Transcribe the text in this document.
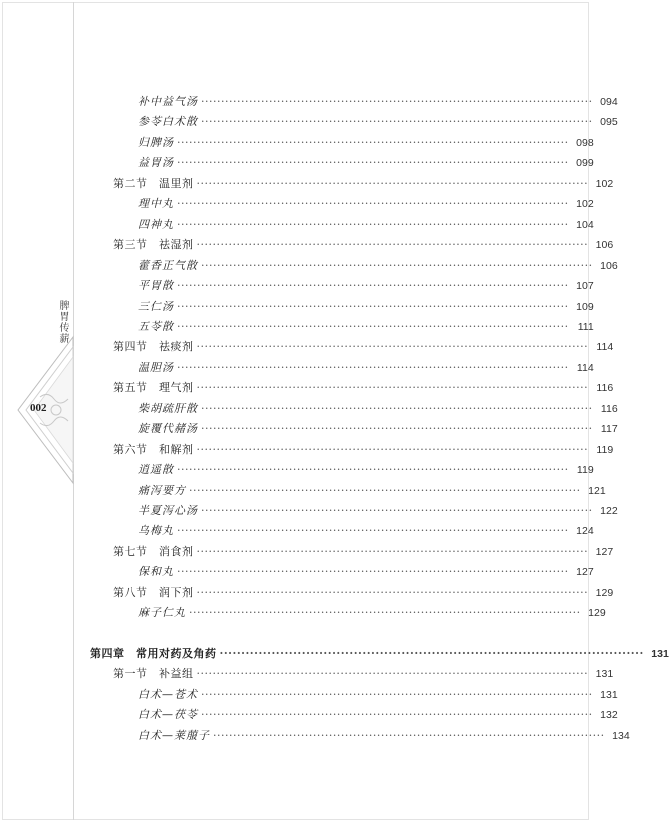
脾胃传薪
002
补中益气汤 ·································································································· 094
参苓白术散 ·································································································· 095
归脾汤 ·································································································· 098
益胃汤 ·································································································· 099
第二节　温里剂 ·································································································· 102
理中丸 ·································································································· 102
四神丸 ·································································································· 104
第三节　祛湿剂 ·································································································· 106
藿香正气散 ·································································································· 106
平胃散 ·································································································· 107
三仁汤 ·································································································· 109
五苓散 ·································································································· 111
第四节　祛痰剂 ·································································································· 114
温胆汤 ·································································································· 114
第五节　理气剂 ·································································································· 116
柴胡疏肝散 ·································································································· 116
旋覆代赭汤 ·································································································· 117
第六节　和解剂 ·································································································· 119
逍遥散 ·································································································· 119
痛泻要方 ·································································································· 121
半夏泻心汤 ·································································································· 122
乌梅丸 ·································································································· 124
第七节　消食剂 ·································································································· 127
保和丸 ·································································································· 127
第八节　润下剂 ·································································································· 129
麻子仁丸 ·································································································· 129
第四章　常用对药及角药 ·································································································· 131
第一节　补益组 ·································································································· 131
白术—苍术 ·································································································· 131
白术—茯苓 ·································································································· 132
白术—莱菔子 ·································································································· 134
